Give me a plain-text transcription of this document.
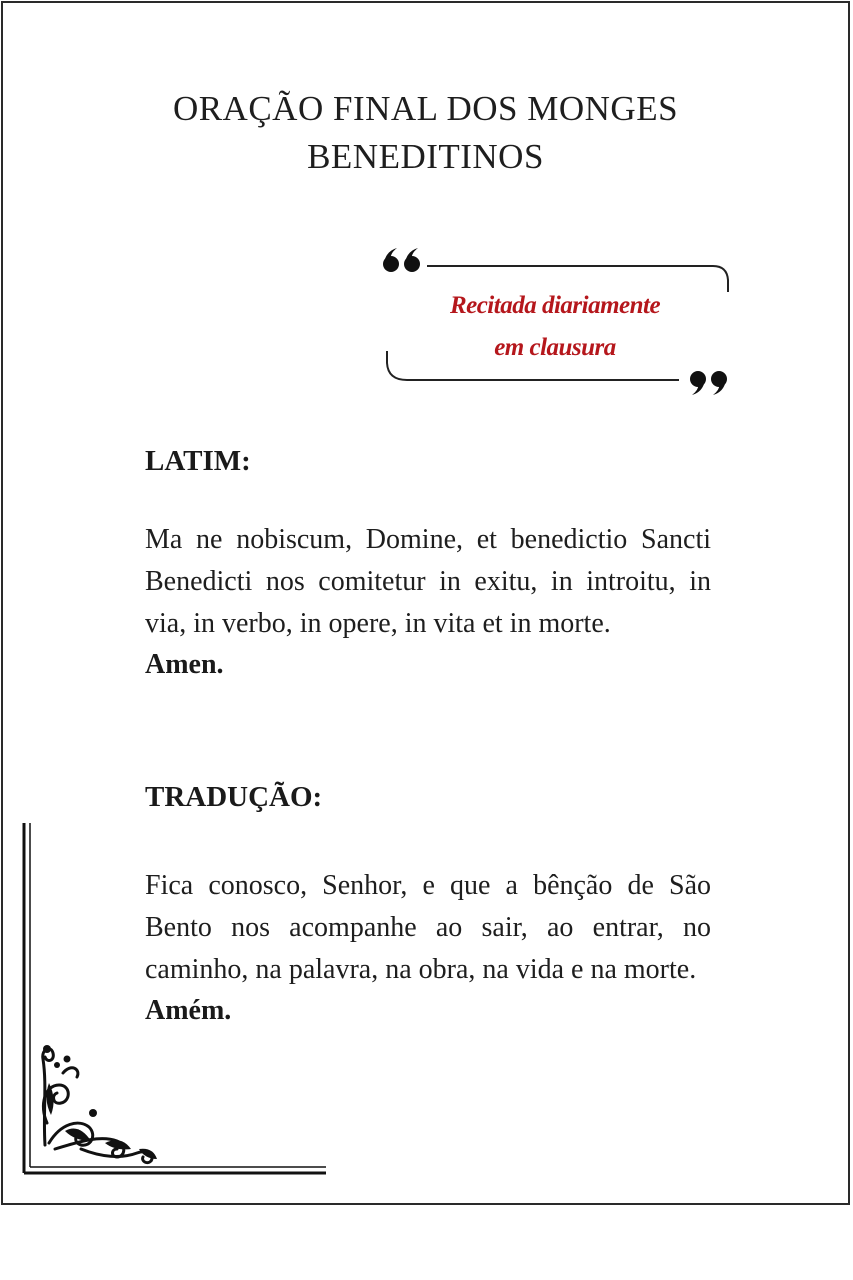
ORAÇÃO FINAL DOS MONGES
BENEDITINOS
Recitada diariamente
em clausura
LATIM:
Ma ne nobiscum, Domine, et benedictio Sancti Benedicti nos comitetur in exitu, in introitu, in via, in verbo, in opere, in vita et in morte.
Amen.
TRADUÇÃO:
Fica conosco, Senhor, e que a bênção de São Bento nos acompanhe ao sair, ao entrar, no caminho, na palavra, na obra, na vida e na morte.
Amém.
